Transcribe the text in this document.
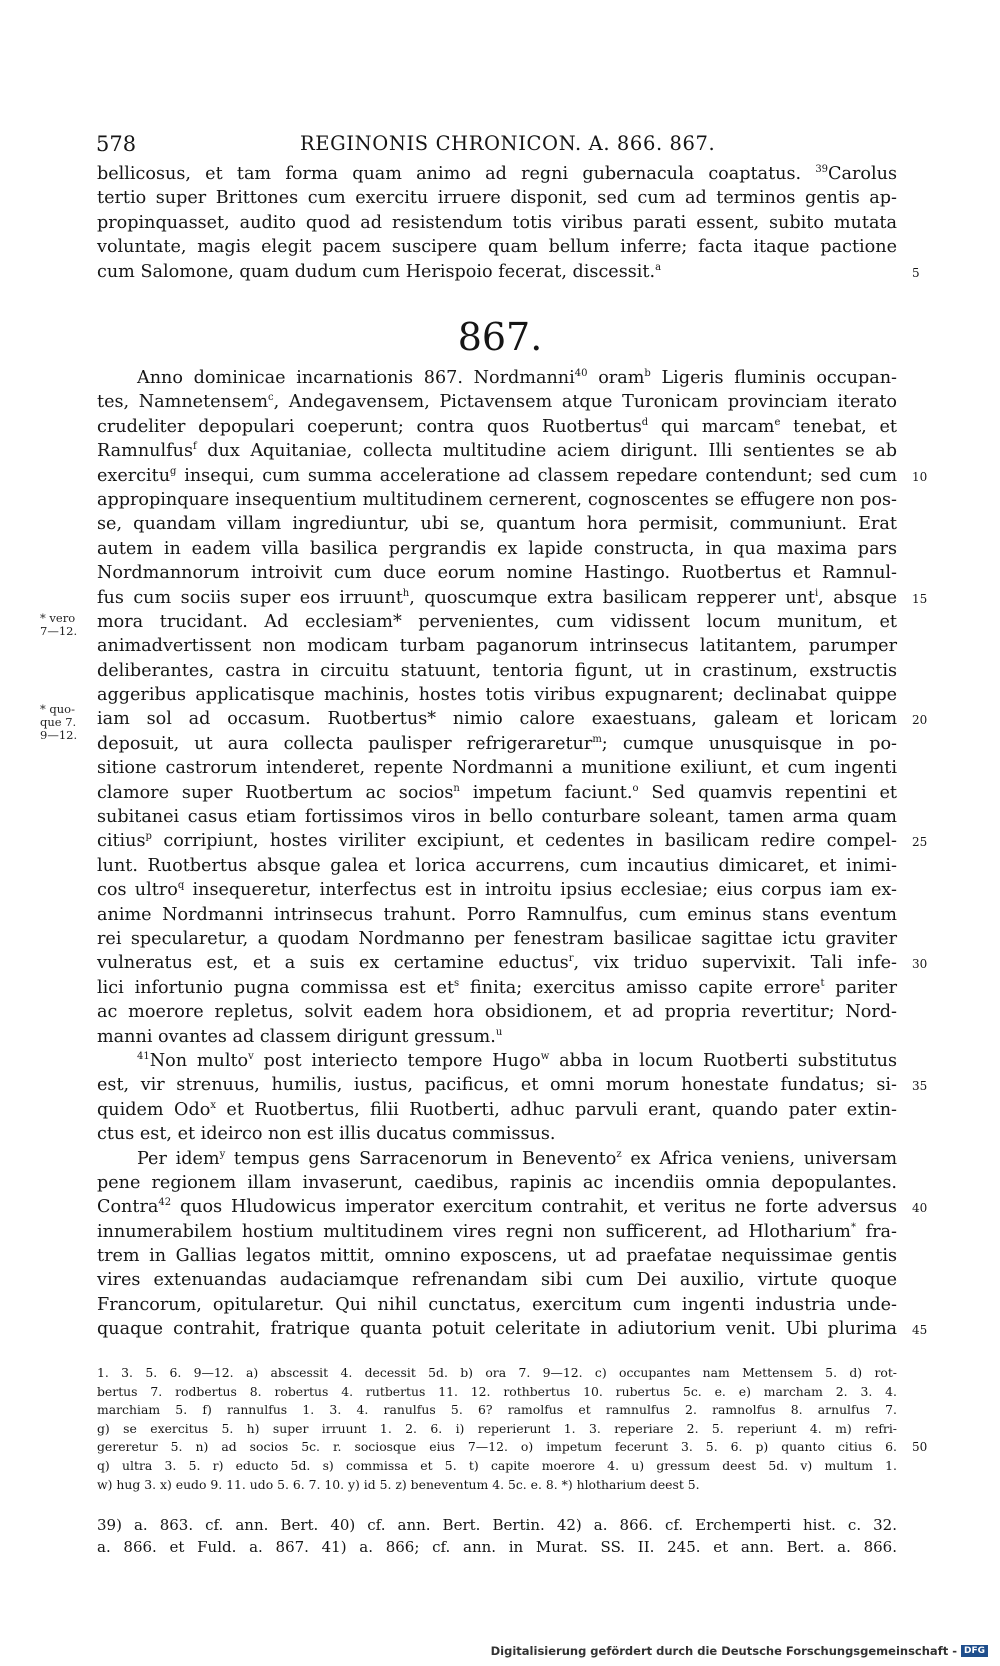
578	REGINONIS CHRONICON. A. 866. 867.
bellicosus, et tam forma quam animo ad regni gubernacula coaptatus. $^{39}$Carolus
tertio super Brittones cum exercitu irruere disponit, sed cum ad terminos gentis ap-
propinquasset, audito quod ad resistendum totis viribus parati essent, subito mutata
voluntate, magis elegit pacem suscipere quam bellum inferre; facta itaque pactione
cum Salomone, quam dudum cum Herispoio fecerat, discessit.$^a$	5
867.
Anno dominicae incarnationis 867. Nordmanni$^{40}$ oram$^b$ Ligeris fluminis occupan-
tes, Namnetensem$^c$, Andegavensem, Pictavensem atque Turonicam provinciam iterato
crudeliter depopulari coeperunt; contra quos Ruotbertus$^d$ qui marcam$^e$ tenebat, et
Ramnulfus$^f$ dux Aquitaniae, collecta multitudine aciem dirigunt. Illi sentientes se ab
exercitu$^g$ insequi, cum summa acceleratione ad classem repedare contendunt; sed cum 10
appropinquare insequentium multitudinem cernerent, cognoscentes se effugere non pos-
se, quandam villam ingrediuntur, ubi se, quantum hora permisit, communiunt. Erat
autem in eadem villa basilica pergrandis ex lapide constructa, in qua maxima pars
Nordmannorum introivit cum duce eorum nomine Hastingo. Ruotbertus et Ramnul-
fus cum sociis super eos irruunt$^h$, quoscumque extra basilicam repperer unt$^i$, absque 15
mora trucidant. Ad ecclesiam* pervenientes, cum vidissent locum munitum, et
animadvertissent non modicam turbam paganorum intrinsecus latitantem, parumper
deliberantes, castra in circuitu statuunt, tentoria figunt, ut in crastinum, exstructis
aggeribus applicatisque machinis, hostes totis viribus expugnarent; declinabat quippe
iam sol ad occasum. Ruotbertus* nimio calore exaestuans, galeam et loricam 20
deposuit, ut aura collecta paulisper refrigeraretur$^m$; cumque unusquisque in po-
sitione castrorum intenderet, repente Nordmanni a munitione exiliunt, et cum ingenti
clamore super Ruotbertum ac socios$^n$ impetum faciunt.$^o$ Sed quamvis repentini et
subitanei casus etiam fortissimos viros in bello conturbare soleant, tamen arma quam
citius$^p$ corripiunt, hostes viriliter excipiunt, et cedentes in basilicam redire compel- 25
lunt. Ruotbertus absque galea et lorica accurrens, cum incautius dimicaret, et inimi-
cos ultro$^q$ insequeretur, interfectus est in introitu ipsius ecclesiae; eius corpus iam ex-
anime Nordmanni intrinsecus trahunt. Porro Ramnulfus, cum eminus stans eventum
rei specularetur, a quodam Nordmanno per fenestram basilicae sagittae ictu graviter
vulneratus est, et a suis ex certamine eductus$^r$, vix triduo supervixit. Tali infe- 30
lici infortunio pugna commissa est $et^s$ finita; exercitus amisso capite errore$^t$ pariter
ac moerore repletus, solvit eadem hora obsidionem, et ad propria revertitur; Nord-
manni ovantes ad classem dirigunt gressum.$^u$
$^{41}$Non multo$^v$ post interiecto tempore Hugo$^w$ abba in locum Ruotberti substitutus
est, vir strenuus, humilis, iustus, pacificus, et omni morum honestate fundatus; si- 35
quidem Odo$^x$ et Ruotbertus, filii Ruotberti, adhuc parvuli erant, quando pater extin-
ctus est, et ideirco non est illis ducatus commissus.
Per idem$^y$ tempus gens Sarracenorum in Benevento$^z$ ex Africa veniens, universam
pene regionem illam invaserunt, caedibus, rapinis ac incendiis omnia depopulantes.
Contra$^{42}$ quos Hludowicus imperator exercitum contrahit, et veritus ne forte adversus 40
innumerabilem hostium multitudinem vires regni non sufficerent, ad Hlotharium* fra-
trem in Gallias legatos mittit, omnino exposcens, ut ad praefatae nequissimae gentis
vires extenuandas audaciamque refrenandam sibi cum Dei auxilio, virtute quoque
Francorum, opitularetur. Qui nihil cunctatus, exercitum cum ingenti industria unde-
quaque contrahit, fratrique quanta potuit celeritate in adiutorium venit. Ubi plurima 45
* vero
7—12.
* quo-
que 7.
9—12.
1. 3. 5. 6. 9—12. a) abscessit 4. decessit 5d. b) ora 7. 9—12. c) occupantes nam Mettensem 5. d) rot-
bertus 7. rodbertus 8. robertus 4. rutbertus 11. 12. rothbertus 10. rubertus 5c. e. e) marcham 2. 3. 4.
marchiam 5. f) rannulfus 1. 3. 4. ranulfus 5. 6? ramolfus et ramnulfus 2. ramnolfus 8. arnulfus 7.
g) se exercitus 5. h) super irruunt 1. 2. 6. i) reperierunt 1. 3. reperiare 2. 5. reperiunt 4. m) refri-
gereretur 5. n) ad socios 5c. r. sociosque eius 7—12. o) impetum fecerunt 3. 5. 6. p) quanto citius 6. 50
q) ultra 3. 5. r) educto 5d. s) commissa et 5. t) capite moerore 4. u) gressum deest 5d. v) multum 1.
w) hug 3. x) eudo 9. 11. udo 5. 6. 7. 10. y) id 5. z) beneventum 4. 5c. e. 8. *) hlotharium deest 5.
39) a. 863. cf. ann. Bert. 40) cf. ann. Bert. Bertin. 42) a. 866. cf. Erchemperti hist. c. 32.
a. 866. et Fuld. a. 867. 41) a. 866; cf. ann. in Murat. SS. II. 245. et ann. Bert. a. 866.
Digitalisierung gefördert durch die Deutsche Forschungsgemeinschaft - DFG
